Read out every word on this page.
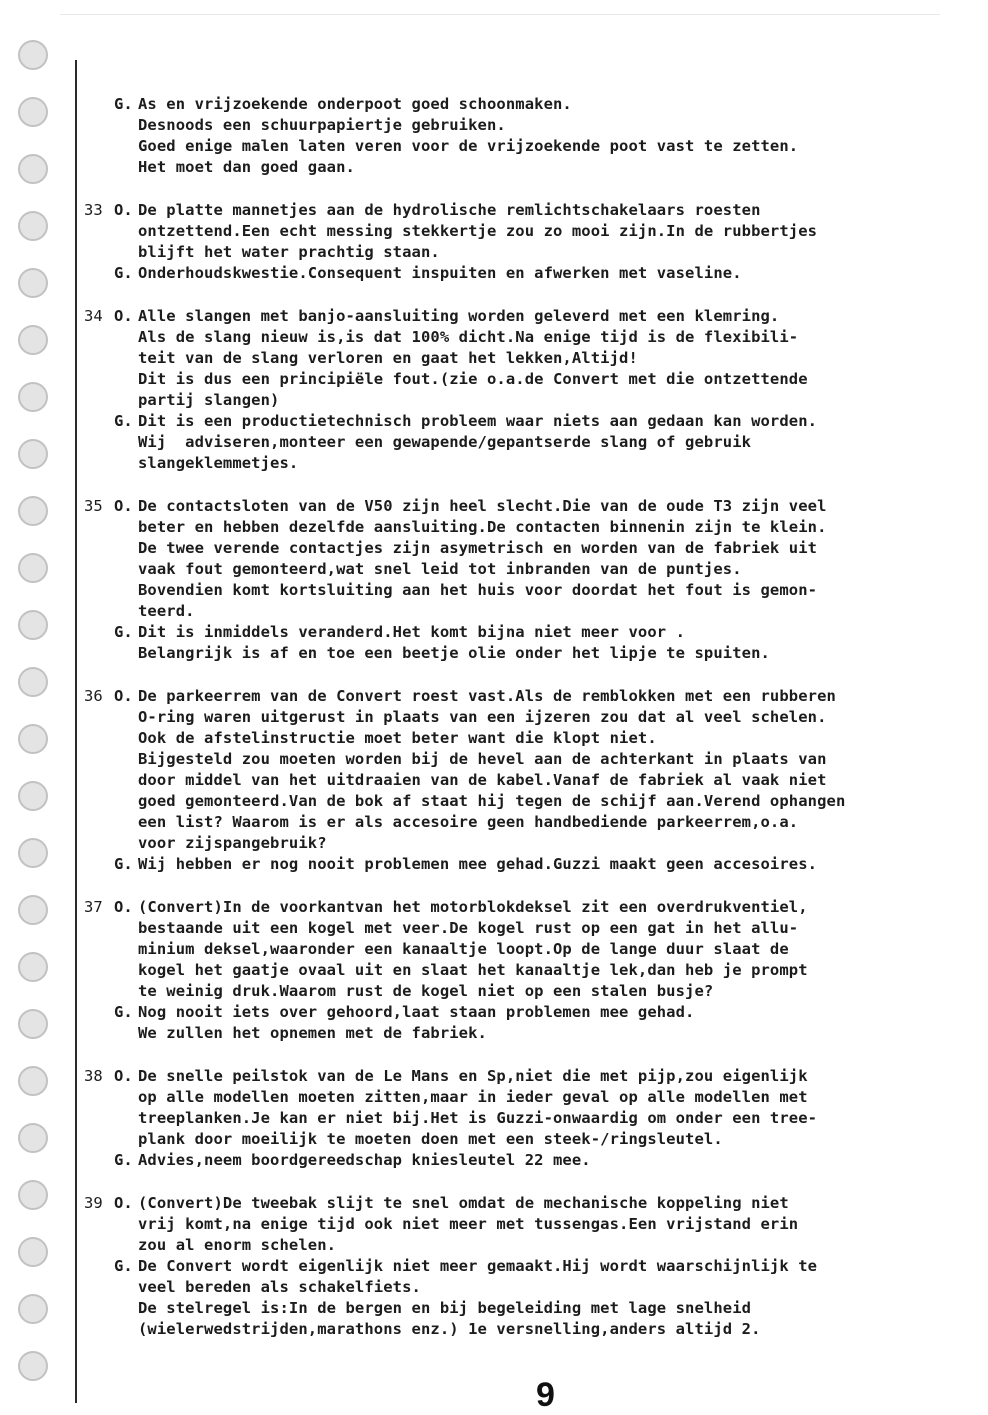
G. As en vrijzoekende onderpoot goed schoonmaken.
Desnoods een schuurpapiertje gebruiken.
Goed enige malen laten veren voor de vrijzoekende poot vast te zetten.
Het moet dan goed gaan.
33 O. De platte mannetjes aan de hydrolische remlichtschakelaars roesten
ontzettend.Een echt messing stekkertje zou zo mooi zijn.In de rubbertjes
blijft het water prachtig staan.
G. Onderhoudskwestie.Consequent inspuiten en afwerken met vaseline.
34 O. Alle slangen met banjo-aansluiting worden geleverd met een klemring.
Als de slang nieuw is,is dat 100% dicht.Na enige tijd is de flexibili-
teit van de slang verloren en gaat het lekken,Altijd!
Dit is dus een principiële fout.(zie o.a.de Convert met die ontzettende
partij slangen)
G. Dit is een productietechnisch probleem waar niets aan gedaan kan worden.
Wij  adviseren,monteer een gewapende/gepantserde slang of gebruik
slangeklemmetjes.
35 O. De contactsloten van de V50 zijn heel slecht.Die van de oude T3 zijn veel
beter en hebben dezelfde aansluiting.De contacten binnenin zijn te klein.
De twee verende contactjes zijn asymetrisch en worden van de fabriek uit
vaak fout gemonteerd,wat snel leid tot inbranden van de puntjes.
Bovendien komt kortsluiting aan het huis voor doordat het fout is gemon-
teerd.
G. Dit is inmiddels veranderd.Het komt bijna niet meer voor .
Belangrijk is af en toe een beetje olie onder het lipje te spuiten.
36 O. De parkeerrem van de Convert roest vast.Als de remblokken met een rubberen
O-ring waren uitgerust in plaats van een ijzeren zou dat al veel schelen.
Ook de afstelinstructie moet beter want die klopt niet.
Bijgesteld zou moeten worden bij de hevel aan de achterkant in plaats van
door middel van het uitdraaien van de kabel.Vanaf de fabriek al vaak niet
goed gemonteerd.Van de bok af staat hij tegen de schijf aan.Verend ophangen
een list? Waarom is er als accesoire geen handbediende parkeerrem,o.a.
voor zijspangebruik?
G. Wij hebben er nog nooit problemen mee gehad.Guzzi maakt geen accesoires.
37 O. (Convert)In de voorkantvan het motorblokdeksel zit een overdrukventiel,
bestaande uit een kogel met veer.De kogel rust op een gat in het allu-
minium deksel,waaronder een kanaaltje loopt.Op de lange duur slaat de
kogel het gaatje ovaal uit en slaat het kanaaltje lek,dan heb je prompt
te weinig druk.Waarom rust de kogel niet op een stalen busje?
G. Nog nooit iets over gehoord,laat staan problemen mee gehad.
We zullen het opnemen met de fabriek.
38 O. De snelle peilstok van de Le Mans en Sp,niet die met pijp,zou eigenlijk
op alle modellen moeten zitten,maar in ieder geval op alle modellen met
treeplanken.Je kan er niet bij.Het is Guzzi-onwaardig om onder een tree-
plank door moeilijk te moeten doen met een steek-/ringsleutel.
G. Advies,neem boordgereedschap kniesleutel 22 mee.
39 O. (Convert)De tweebak slijt te snel omdat de mechanische koppeling niet
vrij komt,na enige tijd ook niet meer met tussengas.Een vrijstand erin
zou al enorm schelen.
G. De Convert wordt eigenlijk niet meer gemaakt.Hij wordt waarschijnlijk te
veel bereden als schakelfiets.
De stelregel is:In de bergen en bij begeleiding met lage snelheid
(wielerwedstrijden,marathons enz.) 1e versnelling,anders altijd 2.
9
